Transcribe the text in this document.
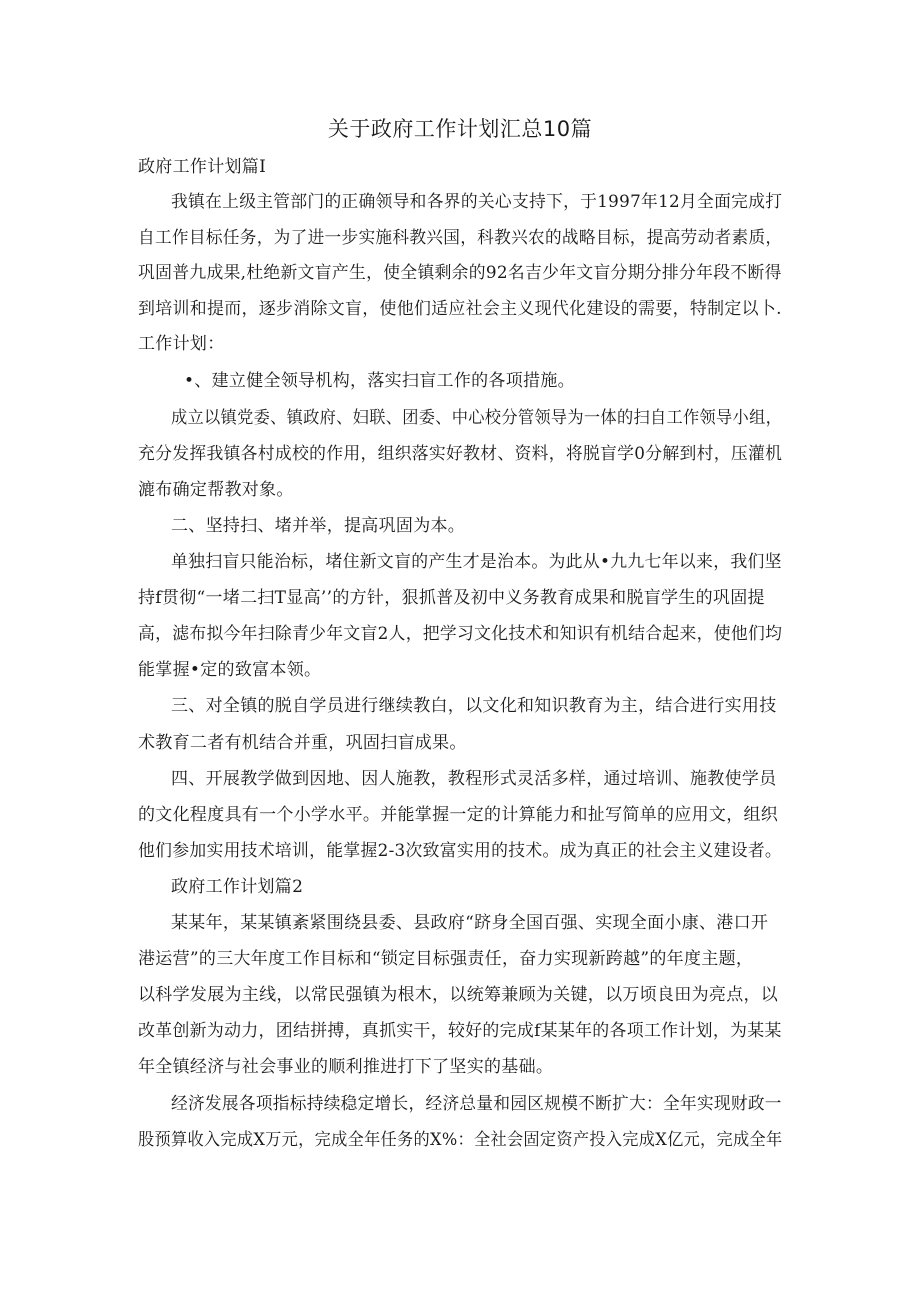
关于政府工作计划汇总10篇
政府工作计划篇I
我镇在上级主管部门的正确领导和各界的关心支持下，于1997年12月全面完成打
自工作目标任务，为了进一步实施科教兴国，科教兴农的战略目标，提高劳动者素质，
巩固普九成果,杜绝新文盲产生，使全镇剩余的92名吉少年文盲分期分排分年段不断得
到培训和提而，逐步消除文盲，使他们适应社会主义现代化建设的需要，特制定以卜.
工作计划：
•、建立健全领导机构，落实扫盲工作的各项措施。
成立以镇党委、镇政府、妇联、团委、中心校分管领导为一体的扫自工作领导小组，
充分发挥我镇各村成校的作用，组织落实好教材、资料，将脱盲学0分解到村，压灌机
漉布确定帮教对象。
二、坚持扫、堵并举，提高巩固为本。
单独扫盲只能治标，堵住新文盲的产生才是治本。为此从•九九七年以来，我们坚
持f贯彻“一堵二扫T显高’’的方针，狠抓普及初中义务教育成果和脱盲学生的巩固提
高，滤布拟今年扫除青少年文盲2人，把学习文化技术和知识有机结合起来，使他们均
能掌握•定的致富本领。
三、对全镇的脱自学员进行继续教白，以文化和知识教育为主，结合进行实用技
术教育二者有机结合并重，巩固扫盲成果。
四、开展教学做到因地、因人施教，教程形式灵活多样，通过培训、施教使学员
的文化程度具有一个小学水平。并能掌握一定的计算能力和扯写简单的应用文，组织
他们参加实用技术培训，能掌握2-3次致富实用的技术。成为真正的社会主义建设者。
政府工作计划篇2
某某年，某某镇紊紧围绕县委、县政府“跻身全国百强、实现全面小康、港口开
港运营”的三大年度工作目标和“锁定目标强责任，奋力实现新跨越”的年度主题，
以科学发展为主线，以常民强镇为根木，以统筹兼顾为关键，以万顷良田为亮点，以
改革创新为动力，团结拼搏，真抓实干，较好的完成f某某年的各项工作计划，为某某
年全镇经济与社会事业的顺利推进打下了坚实的基础。
经济发展各项指标持续稳定增长，经济总量和园区规模不断扩大：全年实现财政一
股预算收入完成X万元，完成全年任务的X%：全社会固定资产投入完成X亿元，完成全年
